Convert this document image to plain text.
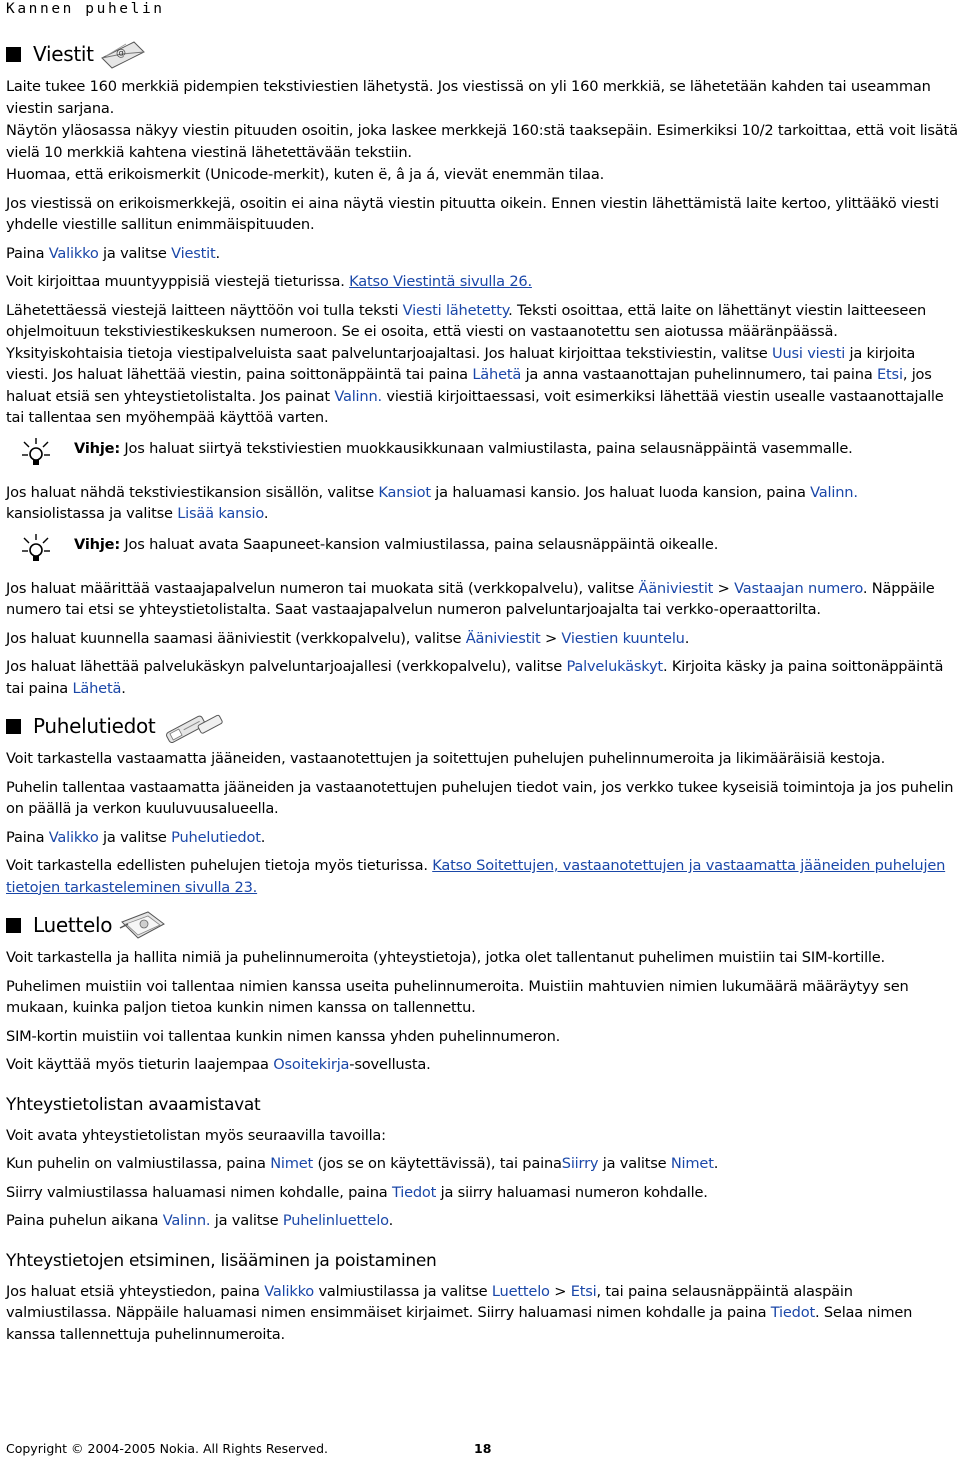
Kannen puhelin
Viestit @

Laite tukee 160 merkkiä pidempien tekstiviestien lähetystä. Jos viestissä on yli 160 merkkiä, se lähetetään kahden tai useamman viestin sarjana.

Näytön yläosassa näkyy viestin pituuden osoitin, joka laskee merkkejä 160:stä taaksepäin. Esimerkiksi 10/2 tarkoittaa, että voit lisätä vielä 10 merkkiä kahtena viestinä lähetettävään tekstiin.

Huomaa, että erikoismerkit (Unicode-merkit), kuten ë, â ja á, vievät enemmän tilaa.

Jos viestissä on erikoismerkkejä, osoitin ei aina näytä viestin pituutta oikein. Ennen viestin lähettämistä laite kertoo, ylittääkö viesti yhdelle viestille sallitun enimmäispituuden.

Paina Valikko ja valitse Viestit.

Voit kirjoittaa muuntyyppisiä viestejä tieturissa. Katso Viestintä sivulla 26.

Lähetettäessä viestejä laitteen näyttöön voi tulla teksti Viesti lähetetty. Teksti osoittaa, että laite on lähettänyt viestin laitteeseen ohjelmoituun tekstiviestikeskuksen numeroon. Se ei osoita, että viesti on vastaanotettu sen aiotussa määränpäässä. Yksityiskohtaisia tietoja viestipalveluista saat palveluntarjoajaltasi. Jos haluat kirjoittaa tekstiviestin, valitse Uusi viesti ja kirjoita viesti. Jos haluat lähettää viestin, paina soittonäppäintä tai paina Lähetä ja anna vastaanottajan puhelinnumero, tai paina Etsi, jos haluat etsiä sen yhteystietolistalta. Jos painat Valinn. viestiä kirjoittaessasi, voit esimerkiksi lähettää viestin usealle vastaanottajalle tai tallentaa sen myöhempää käyttöä varten.

Vihje: Jos haluat siirtyä tekstiviestien muokkausikkunaan valmiustilasta, paina selausnäppäintä vasemmalle.

Jos haluat nähdä tekstiviestikansion sisällön, valitse Kansiot ja haluamasi kansio. Jos haluat luoda kansion, paina Valinn. kansiolistassa ja valitse Lisää kansio.

Vihje: Jos haluat avata Saapuneet-kansion valmiustilassa, paina selausnäppäintä oikealle.

Jos haluat määrittää vastaajapalvelun numeron tai muokata sitä (verkkopalvelu), valitse Ääniviestit > Vastaajan numero. Näppäile numero tai etsi se yhteystietolistalta. Saat vastaajapalvelun numeron palveluntarjoajalta tai verkko-operaattorilta.

Jos haluat kuunnella saamasi ääniviestit (verkkopalvelu), valitse Ääniviestit > Viestien kuuntelu.

Jos haluat lähettää palvelukäskyn palveluntarjoajallesi (verkkopalvelu), valitse Palvelukäskyt. Kirjoita käsky ja paina soittonäppäintä tai paina Lähetä.

Puhelutiedot

Voit tarkastella vastaamatta jääneiden, vastaanotettujen ja soitettujen puhelujen puhelinnumeroita ja likimääräisiä kestoja.

Puhelin tallentaa vastaamatta jääneiden ja vastaanotettujen puhelujen tiedot vain, jos verkko tukee kyseisiä toimintoja ja jos puhelin on päällä ja verkon kuuluvuusalueella.

Paina Valikko ja valitse Puhelutiedot.

Voit tarkastella edellisten puhelujen tietoja myös tieturissa. Katso Soitettujen, vastaanotettujen ja vastaamatta jääneiden puhelujen tietojen tarkasteleminen sivulla 23.

Luettelo

Voit tarkastella ja hallita nimiä ja puhelinnumeroita (yhteystietoja), jotka olet tallentanut puhelimen muistiin tai SIM-kortille.

Puhelimen muistiin voi tallentaa nimien kanssa useita puhelinnumeroita. Muistiin mahtuvien nimien lukumäärä määräytyy sen mukaan, kuinka paljon tietoa kunkin nimen kanssa on tallennettu.

SIM-kortin muistiin voi tallentaa kunkin nimen kanssa yhden puhelinnumeron.

Voit käyttää myös tieturin laajempaa Osoitekirja-sovellusta.

Yhteystietolistan avaamistavat

Voit avata yhteystietolistan myös seuraavilla tavoilla:

Kun puhelin on valmiustilassa, paina Nimet (jos se on käytettävissä), tai painaSiirry ja valitse Nimet.

Siirry valmiustilassa haluamasi nimen kohdalle, paina Tiedot ja siirry haluamasi numeron kohdalle.

Paina puhelun aikana Valinn. ja valitse Puhelinluettelo.

Yhteystietojen etsiminen, lisääminen ja poistaminen

Jos haluat etsiä yhteystiedon, paina Valikko valmiustilassa ja valitse Luettelo > Etsi, tai paina selausnäppäintä alaspäin valmiustilassa. Näppäile haluamasi nimen ensimmäiset kirjaimet. Siirry haluamasi nimen kohdalle ja paina Tiedot. Selaa nimen kanssa tallennettuja puhelinnumeroita.

Copyright © 2004-2005 Nokia. All Rights Reserved.	18
